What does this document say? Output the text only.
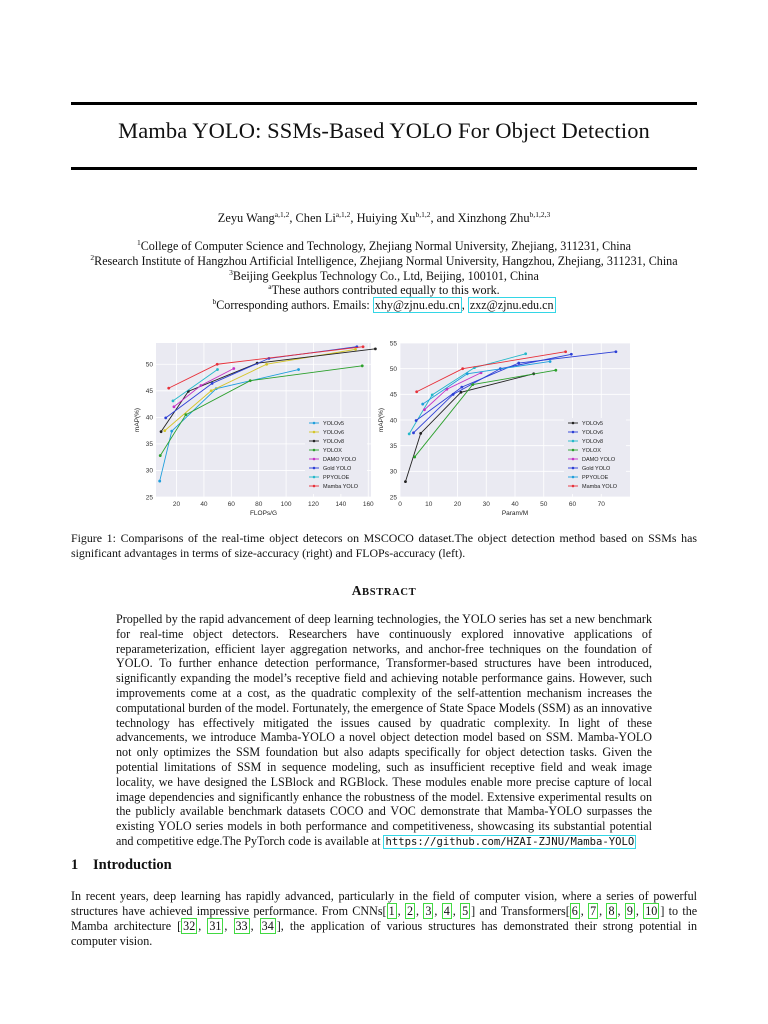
Mamba YOLO: SSMs-Based YOLO For Object Detection
Zeyu Wang$^{a,1,2}$, Chen Li$^{a,1,2}$, Huiying Xu$^{b,1,2}$, and Xinzhong Zhu$^{b,1,2,3}$
$^1$College of Computer Science and Technology, Zhejiang Normal University, Zhejiang, 311231, China
$^2$Research Institute of Hangzhou Artificial Intelligence, Zhejiang Normal University, Hangzhou, Zhejiang, 311231, China
$^3$Beijing Geekplus Technology Co., Ltd, Beijing, 100101, China
$^a$These authors contributed equally to this work.
$^b$Corresponding authors. Emails: xhy@zjnu.edu.cn , zxz@zjnu.edu.cn
20	40	60	80	100	120	140	160
25
30
35
40
45
50
FLOPs/G
mAP(%)	YOLOv5
YOLOv6
YOLOv8
YOLOX
DAMO YOLO
Gold YOLO
PPYOLOE
Mamba YOLO
0	10	20	30	40	50	60	70
25
30
35
40
45
50
55
Param/M
mAP(%)	YOLOv5
YOLOv6
YOLOv8
YOLOX
DAMO YOLO
Gold YOLO
PPYOLOE
Mamba YOLO
Figure 1: Comparisons of the real-time object detecors on MSCOCO dataset.The object detection method based on SSMs has significant advantages in terms of size-accuracy (right) and FLOPs-accuracy (left).
ABSTRACT
Propelled by the rapid advancement of deep learning technologies, the YOLO series has set a new benchmark for real-time object detectors. Researchers have continuously explored innovative applications of reparameterization, efficient layer aggregation networks, and anchor-free techniques on the foundation of YOLO. To further enhance detection performance, Transformer-based structures have been introduced, significantly expanding the model’s receptive field and achieving notable performance gains. However, such improvements come at a cost, as the quadratic complexity of the self-attention mechanism increases the computational burden of the model. Fortunately, the emergence of State Space Models (SSM) as an innovative technology has effectively mitigated the issues caused by quadratic complexity. In light of these advancements, we introduce Mamba-YOLO a novel object detection model based on SSM. Mamba-YOLO not only optimizes the SSM foundation but also adapts specifically for object detection tasks. Given the potential limitations of SSM in sequence modeling, such as insufficient receptive field and weak image locality, we have designed the LSBlock and RGBlock. These modules enable more precise capture of local image dependencies and significantly enhance the robustness of the model. Extensive experimental results on the publicly available benchmark datasets COCO and VOC demonstrate that Mamba-YOLO surpasses the existing YOLO series models in both performance and competitiveness, showcasing its substantial potential and competitive edge.The PyTorch code is available at https://github.com/HZAI-ZJNU/Mamba-YOLO
1 Introduction
In recent years, deep learning has rapidly advanced, particularly in the field of computer vision, where a series of powerful structures have achieved impressive performance. From CNNs[ 1 , 2 , 3 , 4 , 5 ] and Transformers[ 6 , 7 , 8 , 9 , 10 ] to the Mamba architecture [ 32 , 31 , 33 , 34 ], the application of various structures has demonstrated their strong potential in computer vision.
